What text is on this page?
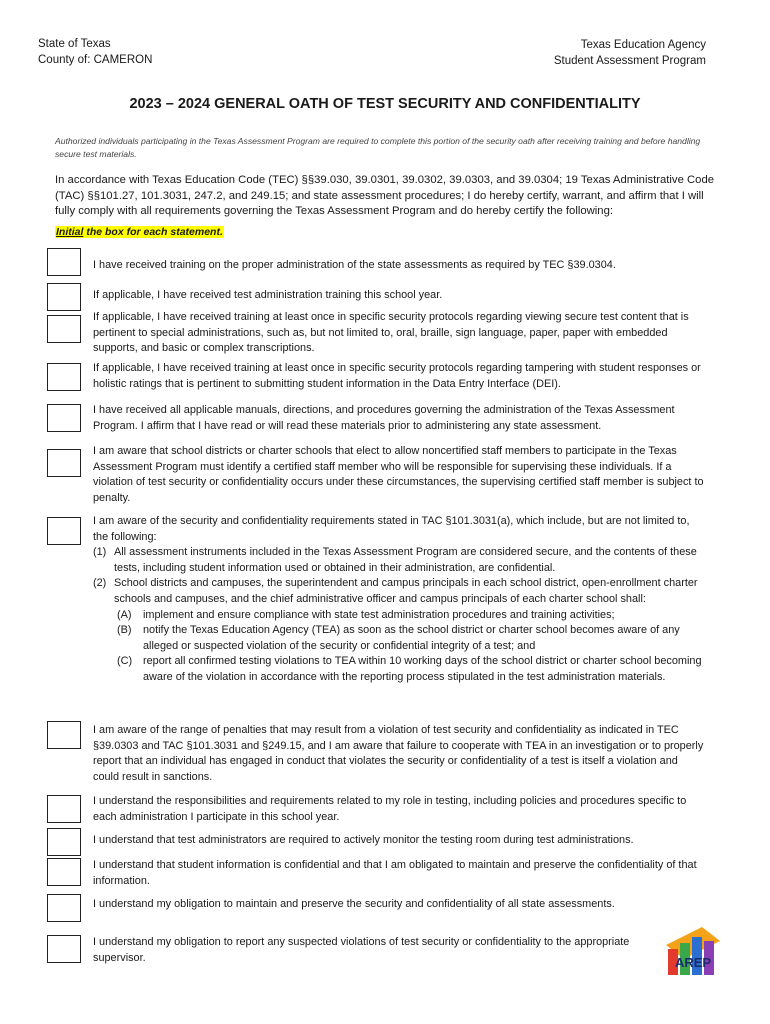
State of Texas
County of: CAMERON
Texas Education Agency
Student Assessment Program
2023 – 2024 GENERAL OATH OF TEST SECURITY AND CONFIDENTIALITY
Authorized individuals participating in the Texas Assessment Program are required to complete this portion of the security oath after receiving training and before handling secure test materials.
In accordance with Texas Education Code (TEC) §§39.030, 39.0301, 39.0302, 39.0303, and 39.0304; 19 Texas Administrative Code (TAC) §§101.27, 101.3031, 247.2, and 249.15; and state assessment procedures; I do hereby certify, warrant, and affirm that I will fully comply with all requirements governing the Texas Assessment Program and do hereby certify the following:
Initial the box for each statement.
I have received training on the proper administration of the state assessments as required by TEC §39.0304.
If applicable, I have received test administration training this school year.
If applicable, I have received training at least once in specific security protocols regarding viewing secure test content that is pertinent to special administrations, such as, but not limited to, oral, braille, sign language, paper, paper with embedded supports, and basic or complex transcriptions.
If applicable, I have received training at least once in specific security protocols regarding tampering with student responses or holistic ratings that is pertinent to submitting student information in the Data Entry Interface (DEI).
I have received all applicable manuals, directions, and procedures governing the administration of the Texas Assessment Program. I affirm that I have read or will read these materials prior to administering any state assessment.
I am aware that school districts or charter schools that elect to allow noncertified staff members to participate in the Texas Assessment Program must identify a certified staff member who will be responsible for supervising these individuals. If a violation of test security or confidentiality occurs under these circumstances, the supervising certified staff member is subject to penalty.
I am aware of the security and confidentiality requirements stated in TAC §101.3031(a), which include, but are not limited to, the following:
(1) All assessment instruments included in the Texas Assessment Program are considered secure, and the contents of these tests, including student information used or obtained in their administration, are confidential.
(2) School districts and campuses, the superintendent and campus principals in each school district, open-enrollment charter schools and campuses, and the chief administrative officer and campus principals of each charter school shall:
(A)	implement and ensure compliance with state test administration procedures and training activities;
(B)	notify the Texas Education Agency (TEA) as soon as the school district or charter school becomes aware of any alleged or suspected violation of the security or confidential integrity of a test; and
(C) report all confirmed testing violations to TEA within 10 working days of the school district or charter school becoming aware of the violation in accordance with the reporting process stipulated in the test administration materials.
I am aware of the range of penalties that may result from a violation of test security and confidentiality as indicated in TEC §39.0303 and TAC §101.3031 and §249.15, and I am aware that failure to cooperate with TEA in an investigation or to properly report that an individual has engaged in conduct that violates the security or confidentiality of a test is itself a violation and could result in sanctions.
I understand the responsibilities and requirements related to my role in testing, including policies and procedures specific to each administration I participate in this school year.
I understand that test administrators are required to actively monitor the testing room during test administrations.
I understand that student information is confidential and that I am obligated to maintain and preserve the confidentiality of that information.
I understand my obligation to maintain and preserve the security and confidentiality of all state assessments.
I understand my obligation to report any suspected violations of test security or confidentiality to the appropriate supervisor.	AREP
